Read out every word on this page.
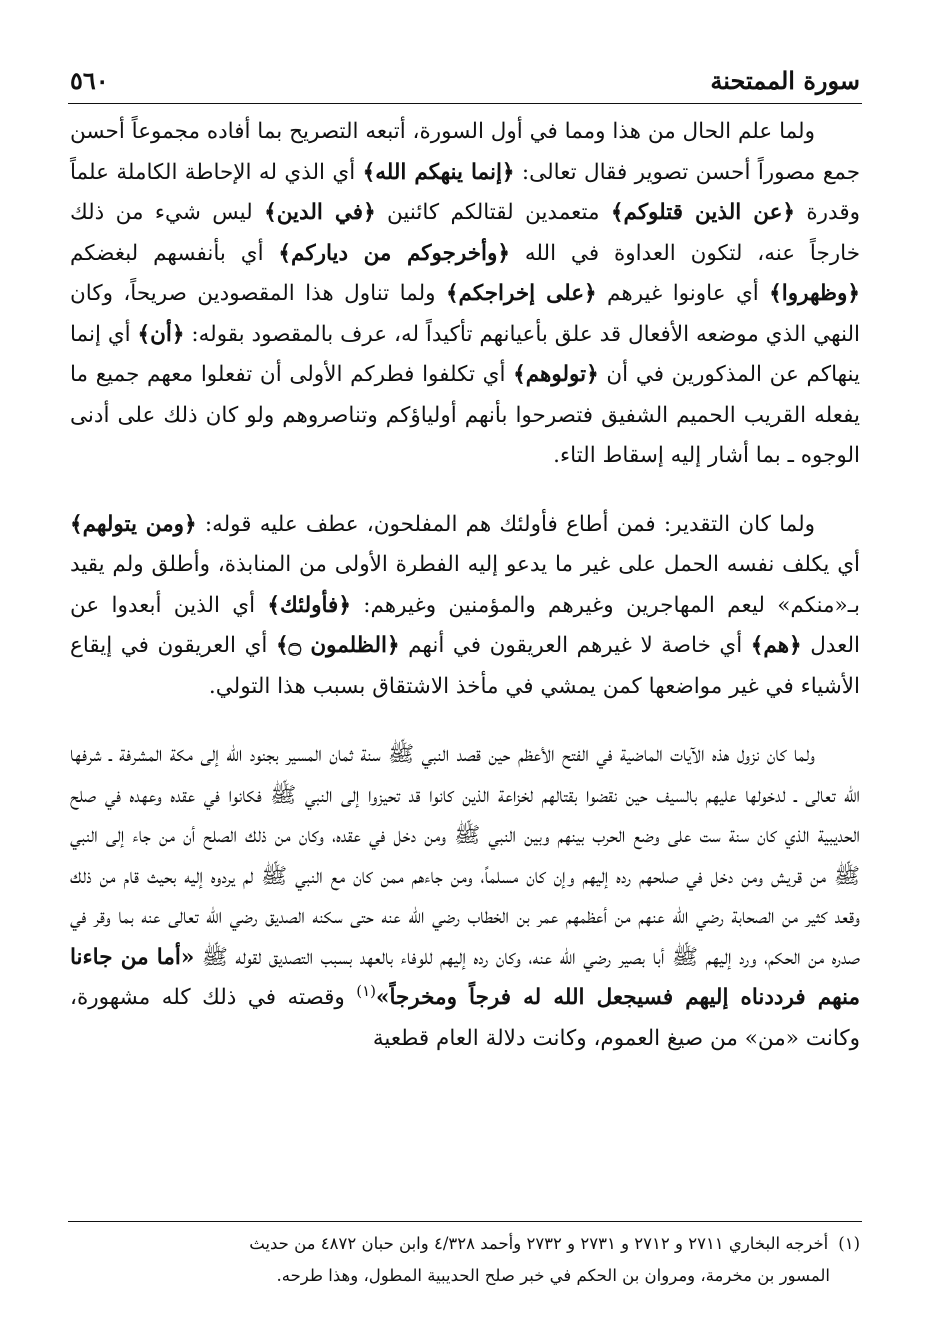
سورة الممتحنة
٥٦٠

ولما علم الحال من هذا ومما في أول السورة، أتبعه التصريح بما أفاده مجموعاً أحسن جمع مصوراً أحسن تصوير فقال تعالى: ﴿إنما ينهكم الله﴾ أي الذي له الإحاطة الكاملة علماً وقدرة ﴿عن الذين قتلوكم﴾ متعمدين لقتالكم كائنين ﴿في الدين﴾ ليس شيء من ذلك خارجاً عنه، لتكون العداوة في الله ﴿وأخرجوكم من دياركم﴾ أي بأنفسهم لبغضكم ﴿وظهروا﴾ أي عاونوا غيرهم ﴿على إخراجكم﴾ ولما تناول هذا المقصودين صريحاً، وكان النهي الذي موضعه الأفعال قد علق بأعيانهم تأكيداً له، عرف بالمقصود بقوله: ﴿أن﴾ أي إنما ينهاكم عن المذكورين في أن ﴿تولوهم﴾ أي تكلفوا فطركم الأولى أن تفعلوا معهم جميع ما يفعله القريب الحميم الشفيق فتصرحوا بأنهم أولياؤكم وتناصروهم ولو كان ذلك على أدنى الوجوه ـ بما أشار إليه إسقاط التاء.

ولما كان التقدير: فمن أطاع فأولئك هم المفلحون، عطف عليه قوله: ﴿ومن يتولهم﴾ أي يكلف نفسه الحمل على غير ما يدعو إليه الفطرة الأولى من المنابذة، وأطلق ولم يقيد بـ«منكم» ليعم المهاجرين وغيرهم والمؤمنين وغيرهم: ﴿فأولئك﴾ أي الذين أبعدوا عن العدل ﴿هم﴾ أي خاصة لا غيرهم العريقون في أنهم ﴿الظلمون ۝﴾ أي العريقون في إيقاع الأشياء في غير مواضعها كمن يمشي في مأخذ الاشتقاق بسبب هذا التولي.

ولما كان نزول هذه الآيات الماضية في الفتح الأعظم حين قصد النبي ﷺ سنة ثمان المسير بجنود الله إلى مكة المشرفة ـ شرفها الله تعالى ـ لدخولها عليهم بالسيف حين نقضوا بقتالهم لخزاعة الذين كانوا قد تحيزوا إلى النبي ﷺ فكانوا في عقده وعهده في صلح الحديبية الذي كان سنة ست على وضع الحرب بينهم وبين النبي ﷺ ومن دخل في عقده، وكان من ذلك الصلح أن من جاء إلى النبي ﷺ من قريش ومن دخل في صلحهم رده إليهم وإن كان مسلماً، ومن جاءهم ممن كان مع النبي ﷺ لم يردوه إليه بحيث قام من ذلك وقعد كثير من الصحابة رضي الله عنهم من أعظمهم عمر بن الخطاب رضي الله عنه حتى سكنه الصديق رضي الله تعالى عنه بما وقر في صدره من الحكم، ورد إليهم ﷺ أبا بصير رضي الله عنه، وكان رده إليهم للوفاء بالعهد بسبب التصديق لقوله ﷺ «أما من جاءنا منهم فرددناه إليهم فسيجعل الله له فرجاً ومخرجاً»$^{(١)}$ وقصته في ذلك كله مشهورة، وكانت «من» من صيغ العموم، وكانت دلالة العام قطعية

(١)أخرجه البخاري ٢٧١١ و ٢٧١٢ و ٢٧٣١ و ٢٧٣٢ وأحمد ٤/٣٢٨ وابن حبان ٤٨٧٢ من حديث
المسور بن مخرمة، ومروان بن الحكم في خبر صلح الحديبية المطول، وهذا طرحه.
